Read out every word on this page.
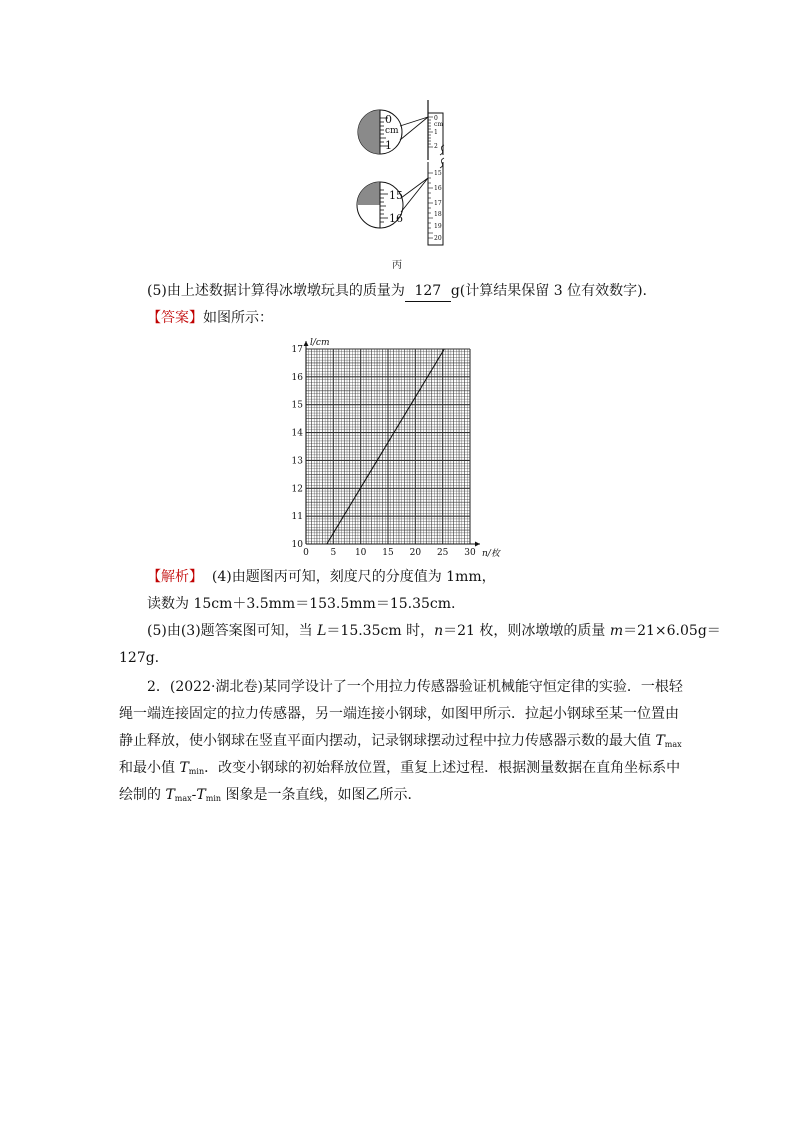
0
cm
1
15
16
0
cm
1
2
15
16
17
18
19
20
丙
(5)由上述数据计算得冰墩墩玩具的质量为 127 g(计算结果保留 3 位有效数字).
【答案】如图所示：
0 5 10 15 20 25 30
10
11
12
13
14
15
16
17
n/枚
l/cm
【解析】 (4)由题图丙可知，刻度尺的分度值为 1mm，
读数为 15cm＋3.5mm＝153.5mm＝15.35cm.
(5)由(3)题答案图可知，当 L＝15.35cm 时，n＝21 枚，则冰墩墩的质量 m＝21×6.05g＝
127g.
2．(2022·湖北卷)某同学设计了一个用拉力传感器验证机械能守恒定律的实验．一根轻
绳一端连接固定的拉力传感器，另一端连接小钢球，如图甲所示．拉起小钢球至某一位置由
静止释放，使小钢球在竖直平面内摆动，记录钢球摆动过程中拉力传感器示数的最大值 $T_{max}$
和最小值 $T_{min}$．改变小钢球的初始释放位置，重复上述过程．根据测量数据在直角坐标系中
绘制的 $T_{max}-T_{min}$ 图象是一条直线，如图乙所示．
